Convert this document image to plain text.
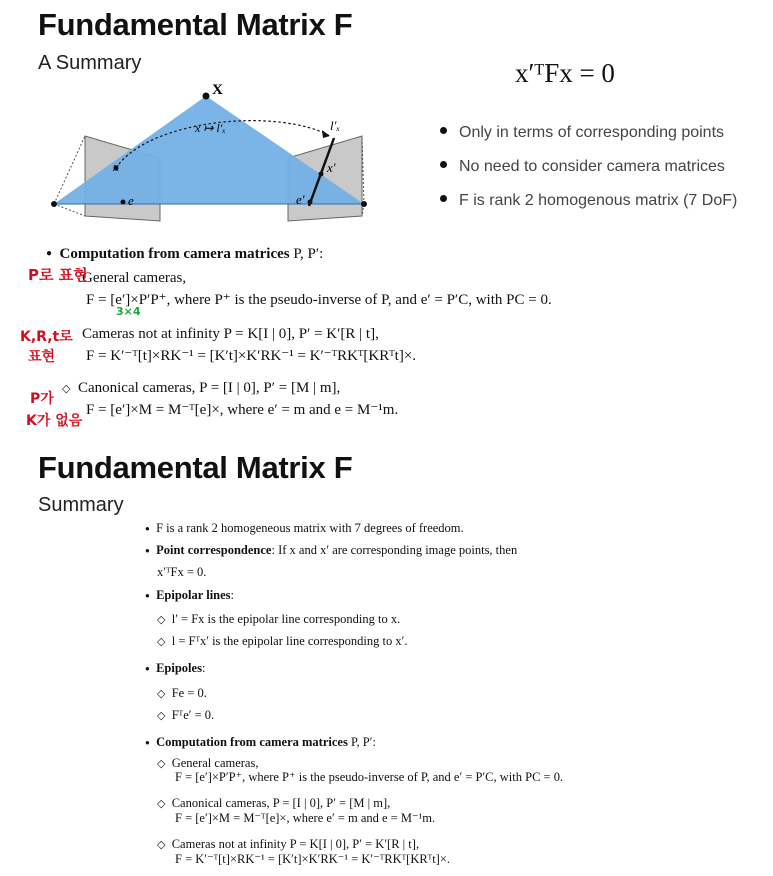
Fundamental Matrix F
A Summary
X
x ↦ l′ₓ	l′ₓ
x
e
x′
e′
x′ᵀFx = 0
Only in terms of corresponding points
No need to consider camera matrices
F is rank 2 homogenous matrix (7 DoF)
● Computation from camera matrices P, P′:
General cameras,
F = [e′]×P′P⁺, where P⁺ is the pseudo-inverse of P, and e′ = P′C, with PC = 0.
Cameras not at infinity P = K[I | 0], P′ = K′[R | t],
F = K′⁻ᵀ[t]×RK⁻¹ = [K′t]×K′RK⁻¹ = K′⁻ᵀRKᵀ[KRᵀt]×.
◇ Canonical cameras, P = [I | 0], P′ = [M | m],
F = [e′]×M = M⁻ᵀ[e]×, where e′ = m and e = M⁻¹m.
P로 표현
K,R,t로
표현
P가
K가 없음
3×4
Fundamental Matrix F
Summary
● F is a rank 2 homogeneous matrix with 7 degrees of freedom.
● Point correspondence: If x and x′ are corresponding image points, then
x′ᵀFx = 0.
● Epipolar lines:
◇ l′ = Fx is the epipolar line corresponding to x.
◇ l = Fᵀx′ is the epipolar line corresponding to x′.
● Epipoles:
◇ Fe = 0.
◇ Fᵀe′ = 0.
● Computation from camera matrices P, P′:
◇ General cameras,
F = [e′]×P′P⁺, where P⁺ is the pseudo-inverse of P, and e′ = P′C, with PC = 0.
◇ Canonical cameras, P = [I | 0], P′ = [M | m],
F = [e′]×M = M⁻ᵀ[e]×, where e′ = m and e = M⁻¹m.
◇ Cameras not at infinity P = K[I | 0], P′ = K′[R | t],
F = K′⁻ᵀ[t]×RK⁻¹ = [K′t]×K′RK⁻¹ = K′⁻ᵀRKᵀ[KRᵀt]×.
